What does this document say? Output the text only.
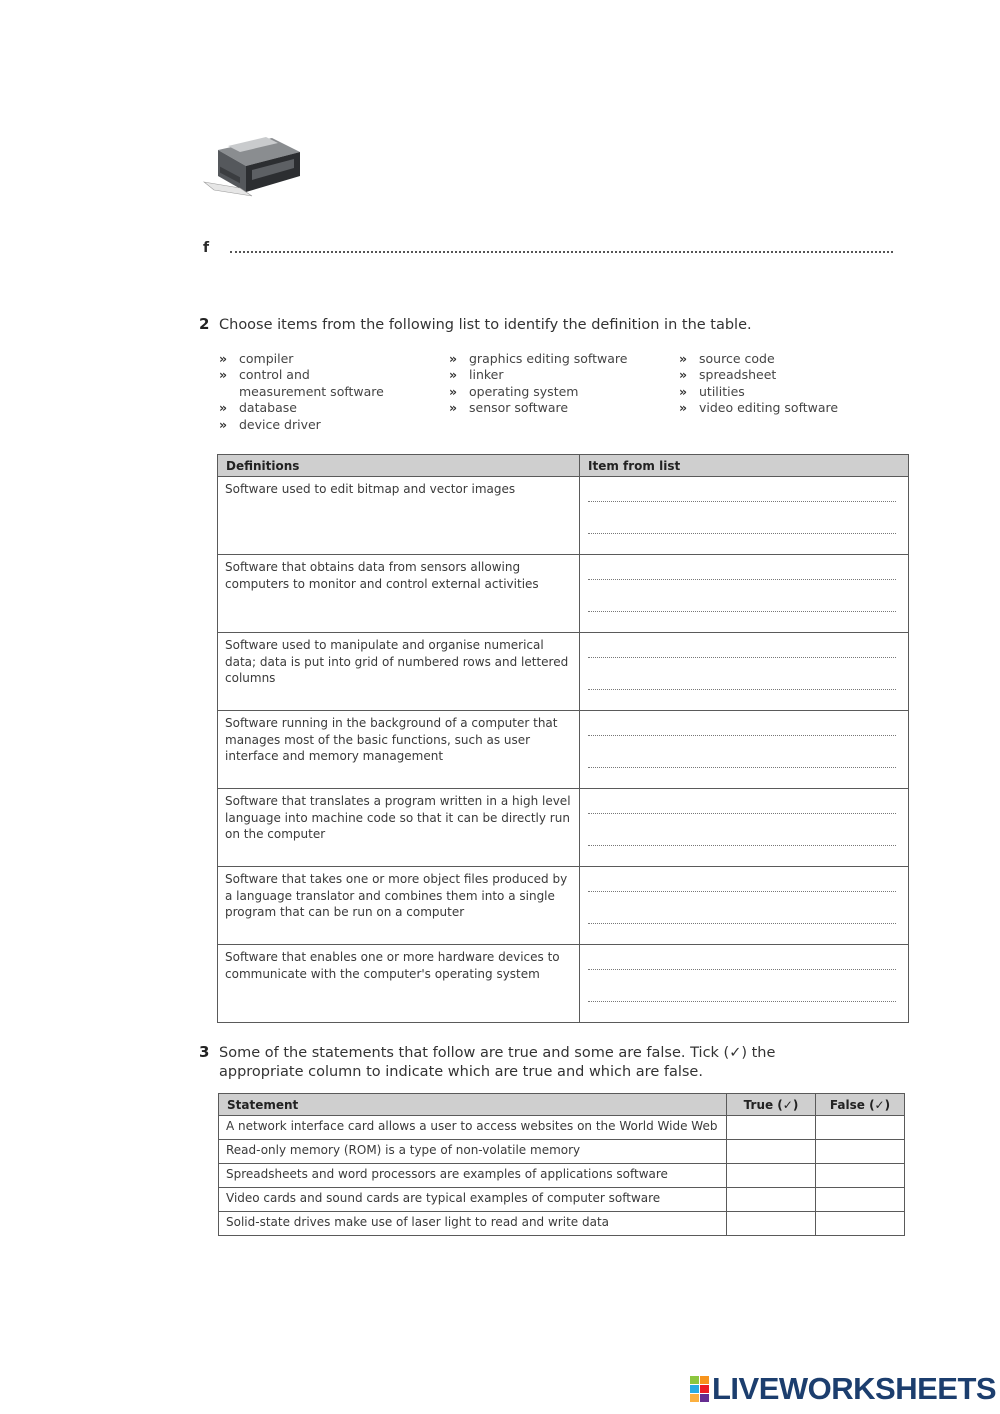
f
2 Choose items from the following list to identify the definition in the table.
» compiler
» control and measurement software
» database
» device driver
» graphics editing software
» linker
» operating system
» sensor software
» source code
» spreadsheet
» utilities
» video editing software
Definitions	Item from list
Software used to edit bitmap and vector images	

Software that obtains data from sensors allowing computers to monitor and control external activities	

Software used to manipulate and organise numerical data; data is put into grid of numbered rows and lettered columns	

Software running in the background of a computer that manages most of the basic functions, such as user interface and memory management	

Software that translates a program written in a high level language into machine code so that it can be directly run on the computer	

Software that takes one or more object files produced by a language translator and combines them into a single program that can be run on a computer	

Software that enables one or more hardware devices to communicate with the computer's operating system	
3 Some of the statements that follow are true and some are false. Tick (✓) the appropriate column to indicate which are true and which are false.
Statement	True (✓)	False (✓)
A network interface card allows a user to access websites on the World Wide Web		
Read-only memory (ROM) is a type of non-volatile memory		
Spreadsheets and word processors are examples of applications software		
Video cards and sound cards are typical examples of computer software		
Solid-state drives make use of laser light to read and write data		
LIVEWORKSHEETS
